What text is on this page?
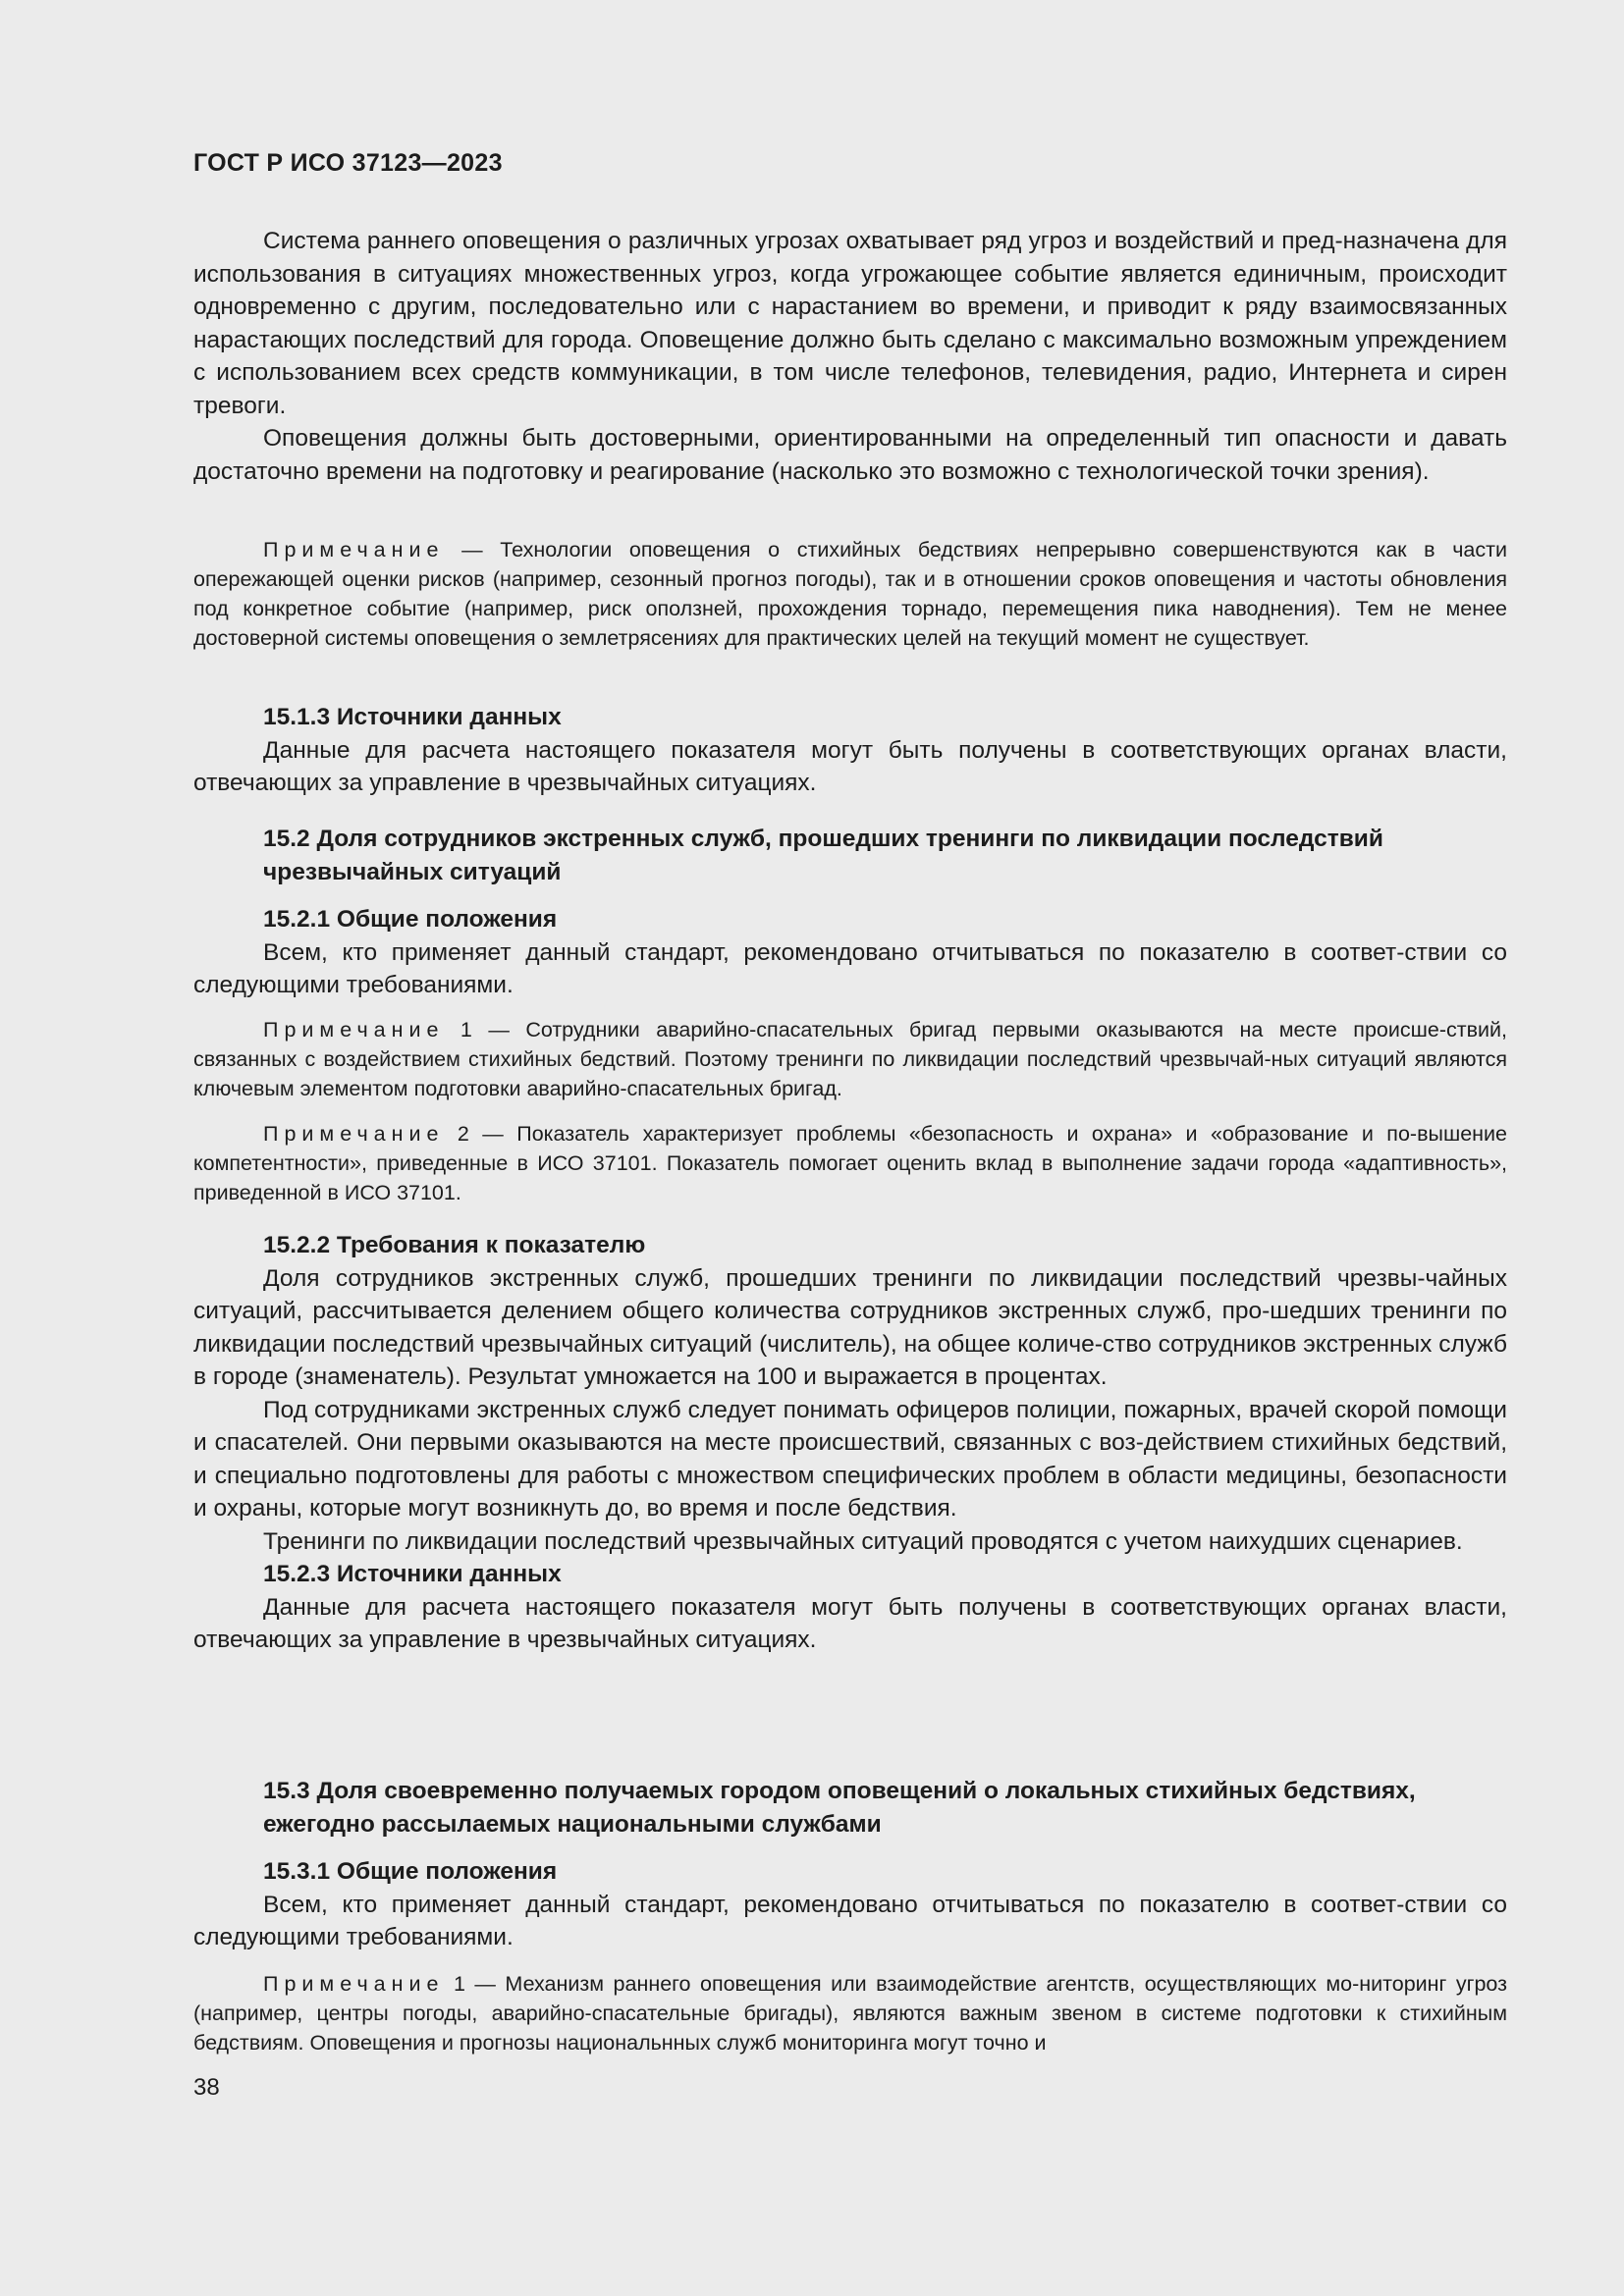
ГОСТ Р ИСО 37123—2023

Система раннего оповещения о различных угрозах охватывает ряд угроз и воздействий и пред-назначена для использования в ситуациях множественных угроз, когда угрожающее событие является единичным, происходит одновременно с другим, последовательно или с нарастанием во времени, и приводит к ряду взаимосвязанных нарастающих последствий для города. Оповещение должно быть сделано с максимально возможным упреждением с использованием всех средств коммуникации, в том числе телефонов, телевидения, радио, Интернета и сирен тревоги.

Оповещения должны быть достоверными, ориентированными на определенный тип опасности и давать достаточно времени на подготовку и реагирование (насколько это возможно с технологической точки зрения).

Примечание — Технологии оповещения о стихийных бедствиях непрерывно совершенствуются как в части опережающей оценки рисков (например, сезонный прогноз погоды), так и в отношении сроков оповещения и частоты обновления под конкретное событие (например, риск оползней, прохождения торнадо, перемещения пика наводнения). Тем не менее достоверной системы оповещения о землетрясениях для практических целей на текущий момент не существует.

15.1.3 Источники данных

Данные для расчета настоящего показателя могут быть получены в соответствующих органах власти, отвечающих за управление в чрезвычайных ситуациях.

15.2 Доля сотрудников экстренных служб, прошедших тренинги по ликвидации последствий чрезвычайных ситуаций

15.2.1 Общие положения

Всем, кто применяет данный стандарт, рекомендовано отчитываться по показателю в соответ-ствии со следующими требованиями.

Примечание 1 — Сотрудники аварийно-спасательных бригад первыми оказываются на месте происше-ствий, связанных с воздействием стихийных бедствий. Поэтому тренинги по ликвидации последствий чрезвычай-ных ситуаций являются ключевым элементом подготовки аварийно-спасательных бригад.

Примечание 2 — Показатель характеризует проблемы «безопасность и охрана» и «образование и по-вышение компетентности», приведенные в ИСО 37101. Показатель помогает оценить вклад в выполнение задачи города «адаптивность», приведенной в ИСО 37101.

15.2.2 Требования к показателю

Доля сотрудников экстренных служб, прошедших тренинги по ликвидации последствий чрезвы-чайных ситуаций, рассчитывается делением общего количества сотрудников экстренных служб, про-шедших тренинги по ликвидации последствий чрезвычайных ситуаций (числитель), на общее количе-ство сотрудников экстренных служб в городе (знаменатель). Результат умножается на 100 и выражается в процентах.

Под сотрудниками экстренных служб следует понимать офицеров полиции, пожарных, врачей скорой помощи и спасателей. Они первыми оказываются на месте происшествий, связанных с воз-действием стихийных бедствий, и специально подготовлены для работы с множеством специфических проблем в области медицины, безопасности и охраны, которые могут возникнуть до, во время и после бедствия.

Тренинги по ликвидации последствий чрезвычайных ситуаций проводятся с учетом наихудших сценариев.

15.2.3 Источники данных

Данные для расчета настоящего показателя могут быть получены в соответствующих органах власти, отвечающих за управление в чрезвычайных ситуациях.

15.3 Доля своевременно получаемых городом оповещений о локальных стихийных бедствиях, ежегодно рассылаемых национальными службами

15.3.1 Общие положения

Всем, кто применяет данный стандарт, рекомендовано отчитываться по показателю в соответ-ствии со следующими требованиями.

Примечание 1 — Механизм раннего оповещения или взаимодействие агентств, осуществляющих мо-ниторинг угроз (например, центры погоды, аварийно-спасательные бригады), являются важным звеном в системе подготовки к стихийным бедствиям. Оповещения и прогнозы национальнных служб мониторинга могут точно и

38
